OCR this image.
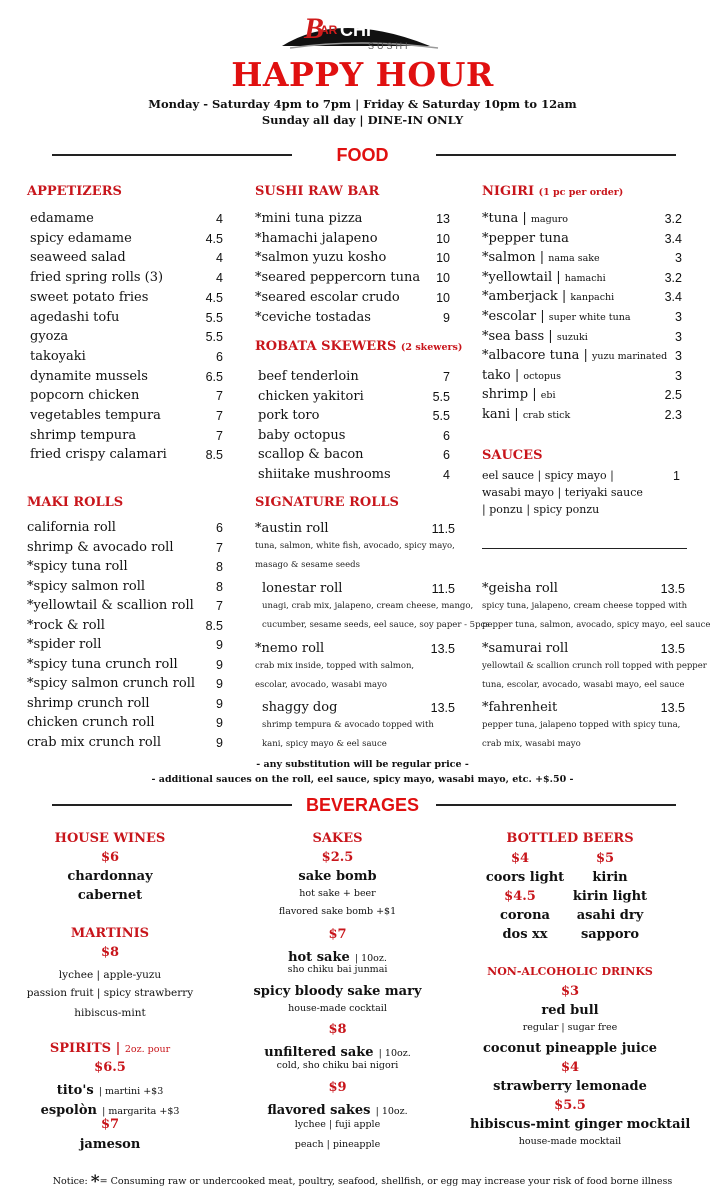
B
AR CHI
SUSHI
HAPPY HOUR
Monday - Saturday 4pm to 7pm | Friday & Saturday 10pm to 12am
Sunday all day | DINE-IN ONLY
FOOD
APPETIZERS
edamame	4
spicy edamame	4.5
seaweed salad	4
fried spring rolls (3)	4
sweet potato fries	4.5
agedashi tofu	5.5
gyoza	5.5
takoyaki	6
dynamite mussels	6.5
popcorn chicken	7
vegetables tempura	7
shrimp tempura	7
fried crispy calamari	8.5
SUSHI RAW BAR
*mini tuna pizza	13
*hamachi jalapeno	10
*salmon yuzu kosho	10
*seared peppercorn tuna	10
*seared escolar crudo	10
*ceviche tostadas	9
ROBATA SKEWERS (2 skewers)
beef tenderloin	7
chicken yakitori	5.5
pork toro	5.5
baby octopus	6
scallop & bacon	6
shiitake mushrooms	4
NIGIRI (1 pc per order)
*tuna | maguro	3.2
*pepper tuna	3.4
*salmon | nama sake	3
*yellowtail | hamachi	3.2
*amberjack | kanpachi	3.4
*escolar | super white tuna	3
*sea bass | suzuki	3
*albacore tuna | yuzu marinated 3
tako | octopus	3
shrimp | ebi	2.5
kani | crab stick	2.3
SAUCES
eel sauce | spicy mayo |
wasabi mayo | teriyaki sauce
| ponzu | spicy ponzu
1
MAKI ROLLS
california roll	6
shrimp & avocado roll	7
*spicy tuna roll	8
*spicy salmon roll	8
*yellowtail & scallion roll	7
*rock & roll	8.5
*spider roll	9
*spicy tuna crunch roll	9
*spicy salmon crunch roll	9
shrimp crunch roll	9
chicken crunch roll	9
crab mix crunch roll	9
SIGNATURE ROLLS
*austin roll
tuna, salmon, white fish, avocado, spicy mayo,
masago & sesame seeds
11.5
lonestar roll
unagi, crab mix, jalapeno, cream cheese, mango,
cucumber, sesame seeds, eel sauce, soy paper - 5pcs
11.5
*nemo roll
crab mix inside, topped with salmon,
escolar, avocado, wasabi mayo
13.5
shaggy dog
shrimp tempura & avocado topped with
kani, spicy mayo & eel sauce
13.5
*geisha roll
spicy tuna, jalapeno, cream cheese topped with
pepper tuna, salmon, avocado, spicy mayo, eel sauce
13.5
*samurai roll
yellowtail & scallion crunch roll topped with pepper
tuna, escolar, avocado, wasabi mayo, eel sauce
13.5
*fahrenheit
pepper tuna, jalapeno topped with spicy tuna,
crab mix, wasabi mayo
13.5
- any substitution will be regular price -
- additional sauces on the roll, eel sauce, spicy mayo, wasabi mayo, etc. +$.50 -
BEVERAGES
HOUSE WINES
$6
chardonnay
cabernet
MARTINIS
$8
lychee | apple-yuzu
passion fruit | spicy strawberry
hibiscus-mint
SPIRITS | 2oz. pour
$6.5
tito's | martini +$3
espolòn | margarita +$3
$7
jameson
SAKES
$2.5
sake bomb
hot sake + beer
flavored sake bomb +$1
$7
hot sake | 10oz.
sho chiku bai junmai
spicy bloody sake mary
house-made cocktail
$8
unfiltered sake | 10oz.
cold, sho chiku bai nigori
$9
flavored sakes | 10oz.
lychee | fuji apple
peach | pineapple
BOTTLED BEERS
$4	$5
coors light	kirin
$4.5	kirin light
corona	asahi dry
dos xx	sapporo
NON-ALCOHOLIC DRINKS
$3
red bull
regular | sugar free
coconut pineapple juice
$4
strawberry lemonade
$5.5
hibiscus-mint ginger mocktail
house-made mocktail
Notice: *= Consuming raw or undercooked meat, poultry, seafood, shellfish, or egg may increase your risk of food borne illness
